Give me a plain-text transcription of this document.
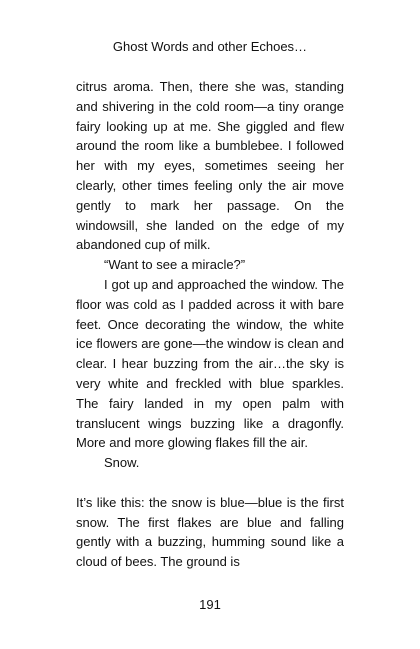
Ghost Words and other Echoes…

citrus aroma. Then, there she was, standing and shivering in the cold room—a tiny orange fairy looking up at me. She giggled and flew around the room like a bumblebee. I followed her with my eyes, sometimes seeing her clearly, other times feeling only the air move gently to mark her passage. On the windowsill, she landed on the edge of my abandoned cup of milk.

“Want to see a miracle?”

I got up and approached the window. The floor was cold as I padded across it with bare feet. Once decorating the window, the white ice flowers are gone—the window is clean and clear. I hear buzzing from the air…the sky is very white and freckled with blue sparkles. The fairy landed in my open palm with translucent wings buzzing like a dragonfly. More and more glowing flakes fill the air.

Snow.

It’s like this: the snow is blue—blue is the first snow. The first flakes are blue and falling gently with a buzzing, humming sound like a cloud of bees. The ground is

191
